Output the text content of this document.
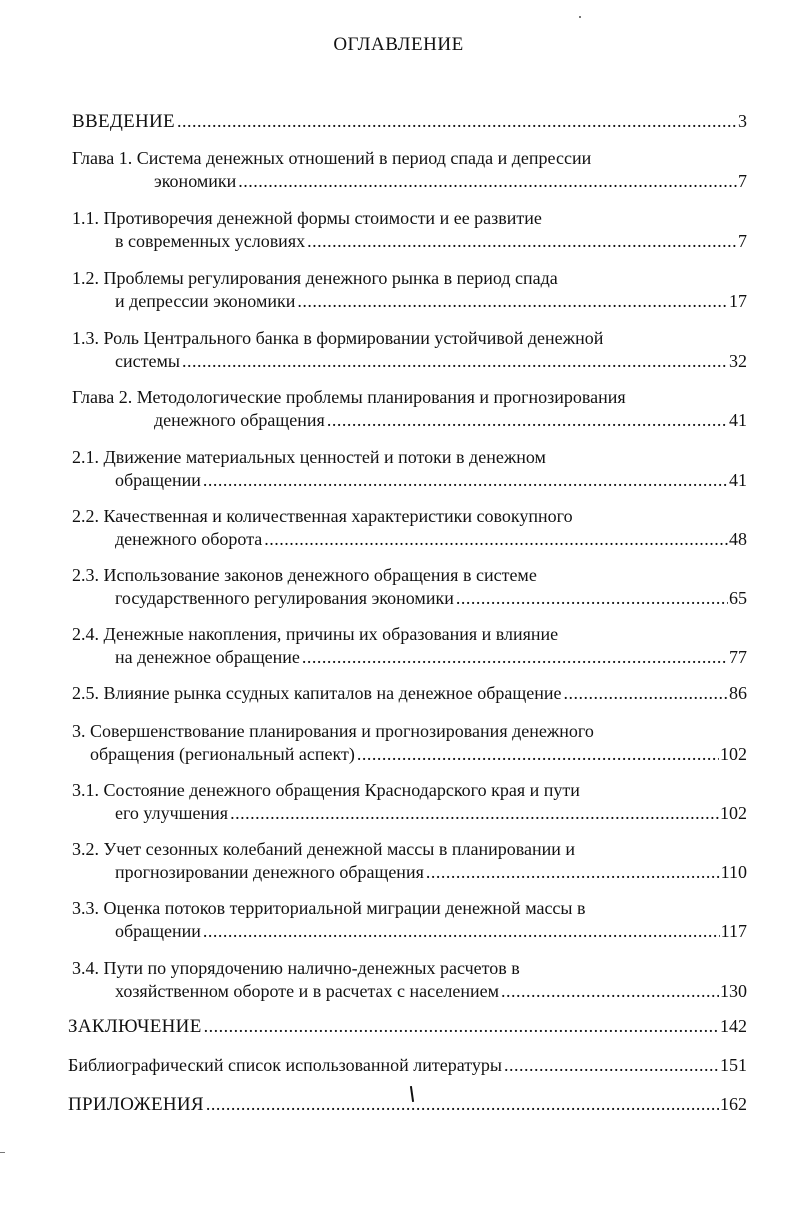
ОГЛАВЛЕНИЕ
ВВЕДЕНИЕ .....	3
Глава 1. Система денежных отношений в период спада и депрессии
экономики .....	7
1.1. Противоречия денежной формы стоимости и ее развитие
в современных условиях .....	7
1.2. Проблемы регулирования денежного рынка в период спада
и депрессии экономики .....	17
1.3. Роль Центрального банка в формировании устойчивой денежной
системы .....	32
Глава 2. Методологические проблемы планирования и прогнозирования
денежного обращения .....	41
2.1. Движение материальных ценностей и потоки в денежном
обращении .....	41
2.2. Качественная и количественная характеристики совокупного
денежного оборота .....	48
2.3. Использование законов денежного обращения в системе
государственного регулирования экономики .....	65
2.4. Денежные накопления, причины их образования и влияние
на денежное обращение .....	77
2.5. Влияние рынка ссудных капиталов на денежное обращение .....	86
3. Совершенствование планирования и прогнозирования денежного
обращения (региональный аспект) .....	102
3.1. Состояние денежного обращения Краснодарского края и пути
его улучшения .....	102
3.2. Учет сезонных колебаний денежной массы в планировании и
прогнозировании денежного обращения .....	110
3.3. Оценка потоков территориальной миграции денежной массы в
обращении .....	117
3.4. Пути по упорядочению налично-денежных расчетов в
хозяйственном обороте и в расчетах с населением .....	130
ЗАКЛЮЧЕНИЕ .....	142
Библиографический список использованной литературы .....	151
ПРИЛОЖЕНИЯ .....	162
